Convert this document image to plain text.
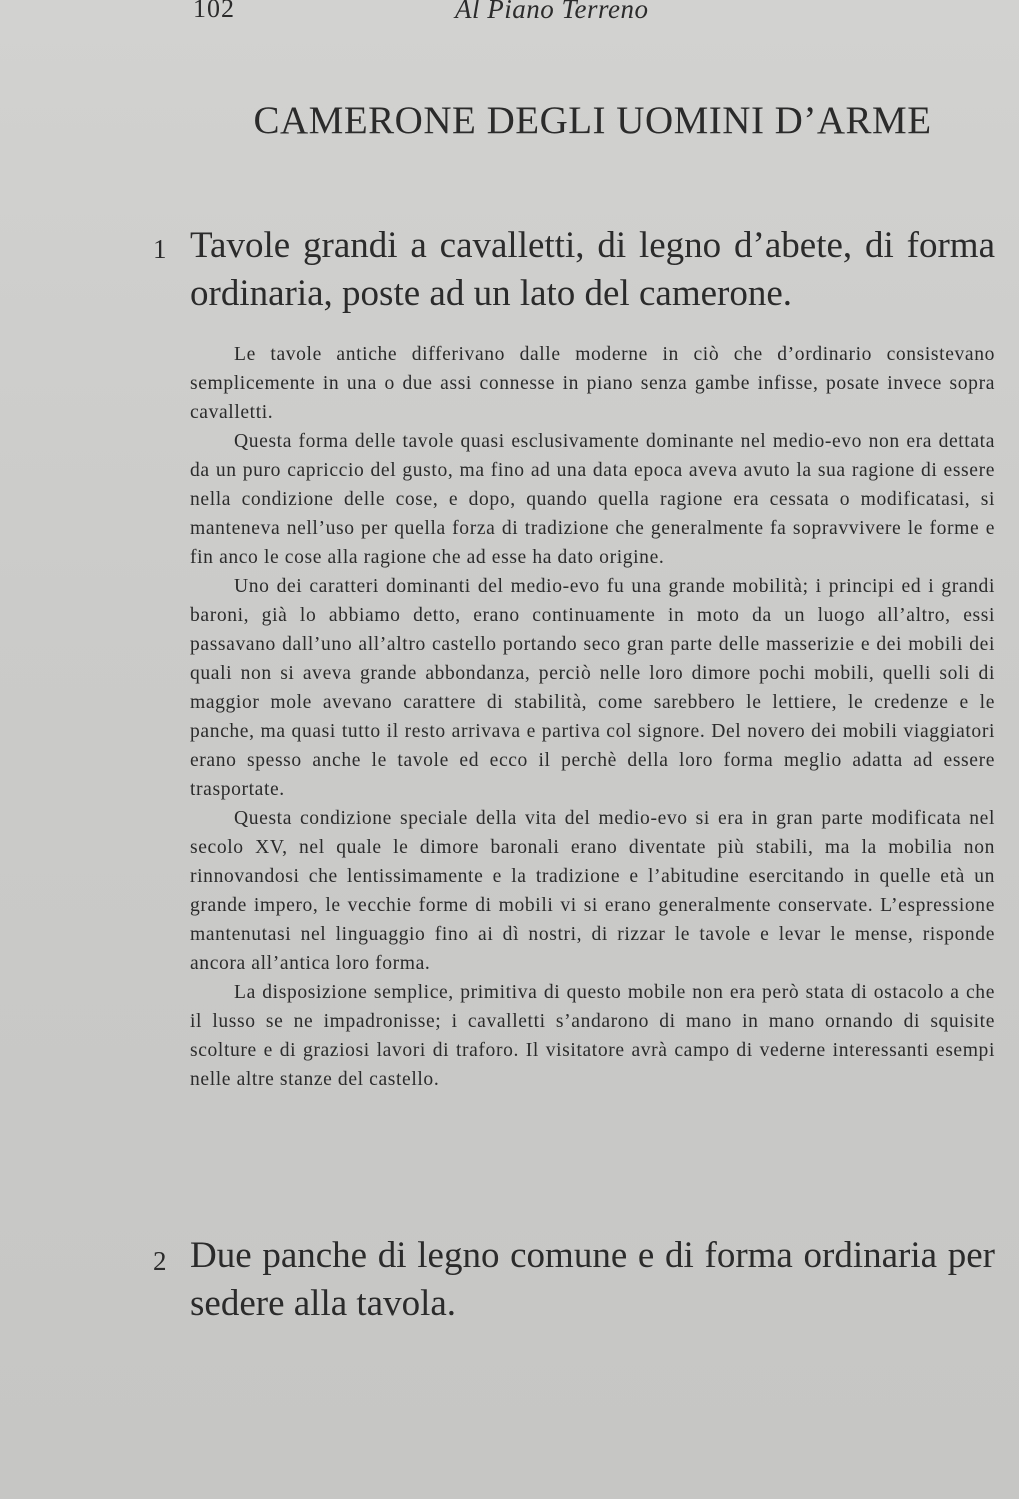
102	Al Piano Terreno
CAMERONE DEGLI UOMINI D’ARME
1 Tavole grandi a cavalletti, di legno d’abete, di forma ordinaria, poste ad un lato del camerone.

Le tavole antiche differivano dalle moderne in ciò che d’ordinario consistevano semplicemente in una o due assi connesse in piano senza gambe infisse, posate invece sopra cavalletti.

Questa forma delle tavole quasi esclusivamente dominante nel medio-evo non era dettata da un puro capriccio del gusto, ma fino ad una data epoca aveva avuto la sua ragione di essere nella condizione delle cose, e dopo, quando quella ragione era cessata o modificatasi, si manteneva nell’uso per quella forza di tradizione che generalmente fa sopravvivere le forme e fin anco le cose alla ragione che ad esse ha dato origine.

Uno dei caratteri dominanti del medio-evo fu una grande mobilità; i principi ed i grandi baroni, già lo abbiamo detto, erano continuamente in moto da un luogo all’altro, essi passavano dall’uno all’altro castello portando seco gran parte delle masserizie e dei mobili dei quali non si aveva grande abbondanza, perciò nelle loro dimore pochi mobili, quelli soli di maggior mole avevano carattere di stabilità, come sarebbero le lettiere, le credenze e le panche, ma quasi tutto il resto arrivava e partiva col signore. Del novero dei mobili viaggiatori erano spesso anche le tavole ed ecco il perchè della loro forma meglio adatta ad essere trasportate.

Questa condizione speciale della vita del medio-evo si era in gran parte modificata nel secolo XV, nel quale le dimore baronali erano diventate più stabili, ma la mobilia non rinnovandosi che lentissimamente e la tradizione e l’abitudine esercitando in quelle età un grande impero, le vecchie forme di mobili vi si erano generalmente conservate. L’espressione mantenutasi nel linguaggio fino ai dì nostri, di rizzar le tavole e levar le mense, risponde ancora all’antica loro forma.

La disposizione semplice, primitiva di questo mobile non era però stata di ostacolo a che il lusso se ne impadronisse; i cavalletti s’andarono di mano in mano ornando di squisite scolture e di graziosi lavori di traforo. Il visitatore avrà campo di vederne interessanti esempi nelle altre stanze del castello.

2 Due panche di legno comune e di forma ordinaria per sedere alla tavola.
